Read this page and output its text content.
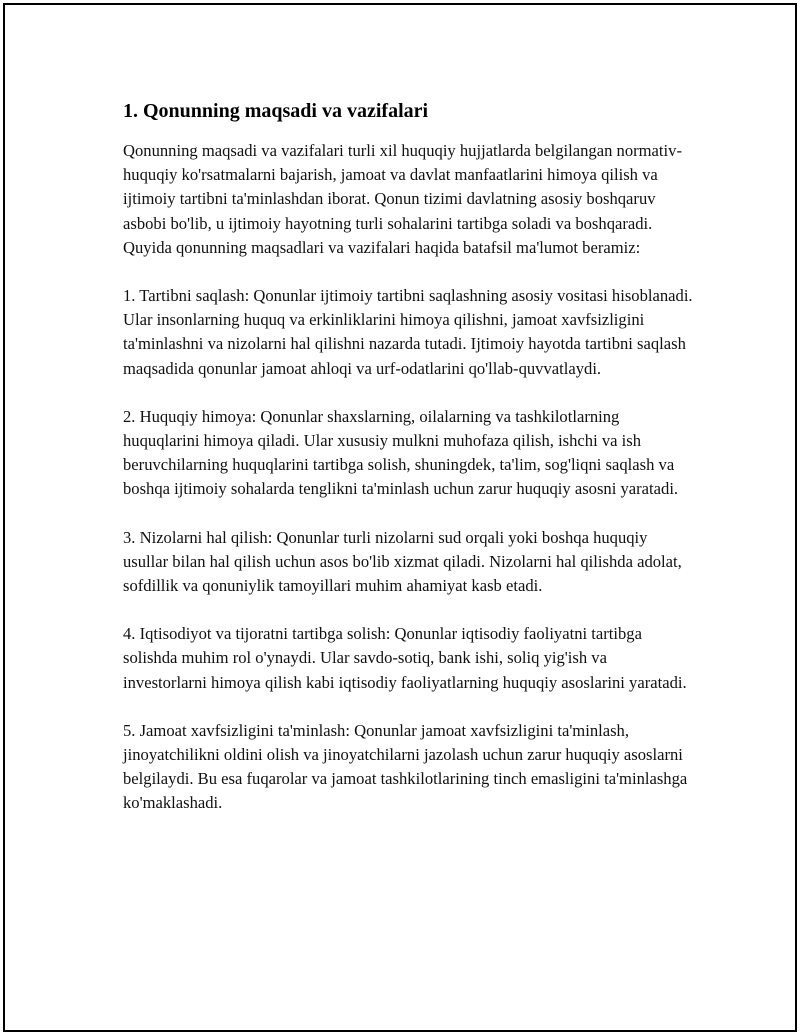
1. Qonunning maqsadi va vazifalari

Qonunning maqsadi va vazifalari turli xil huquqiy hujjatlarda belgilangan normativ-huquqiy ko'rsatmalarni bajarish, jamoat va davlat manfaatlarini himoya qilish va ijtimoiy tartibni ta'minlashdan iborat. Qonun tizimi davlatning asosiy boshqaruv asbobi bo'lib, u ijtimoiy hayotning turli sohalarini tartibga soladi va boshqaradi. Quyida qonunning maqsadlari va vazifalari haqida batafsil ma'lumot beramiz:

1. Tartibni saqlash: Qonunlar ijtimoiy tartibni saqlashning asosiy vositasi hisoblanadi. Ular insonlarning huquq va erkinliklarini himoya qilishni, jamoat xavfsizligini ta'minlashni va nizolarni hal qilishni nazarda tutadi. Ijtimoiy hayotda tartibni saqlash maqsadida qonunlar jamoat ahloqi va urf-odatlarini qo'llab-quvvatlaydi.

2. Huquqiy himoya: Qonunlar shaxslarning, oilalarning va tashkilotlarning huquqlarini himoya qiladi. Ular xususiy mulkni muhofaza qilish, ishchi va ish beruvchilarning huquqlarini tartibga solish, shuningdek, ta'lim, sog'liqni saqlash va boshqa ijtimoiy sohalarda tenglikni ta'minlash uchun zarur huquqiy asosni yaratadi.

3. Nizolarni hal qilish: Qonunlar turli nizolarni sud orqali yoki boshqa huquqiy usullar bilan hal qilish uchun asos bo'lib xizmat qiladi. Nizolarni hal qilishda adolat, sofdillik va qonuniylik tamoyillari muhim ahamiyat kasb etadi.

4. Iqtisodiyot va tijoratni tartibga solish: Qonunlar iqtisodiy faoliyatni tartibga solishda muhim rol o'ynaydi. Ular savdo-sotiq, bank ishi, soliq yig'ish va investorlarni himoya qilish kabi iqtisodiy faoliyatlarning huquqiy asoslarini yaratadi.

5. Jamoat xavfsizligini ta'minlash: Qonunlar jamoat xavfsizligini ta'minlash, jinoyatchilikni oldini olish va jinoyatchilarni jazolash uchun zarur huquqiy asoslarni belgilaydi. Bu esa fuqarolar va jamoat tashkilotlarining tinch emasligini ta'minlashga ko'maklashadi.
